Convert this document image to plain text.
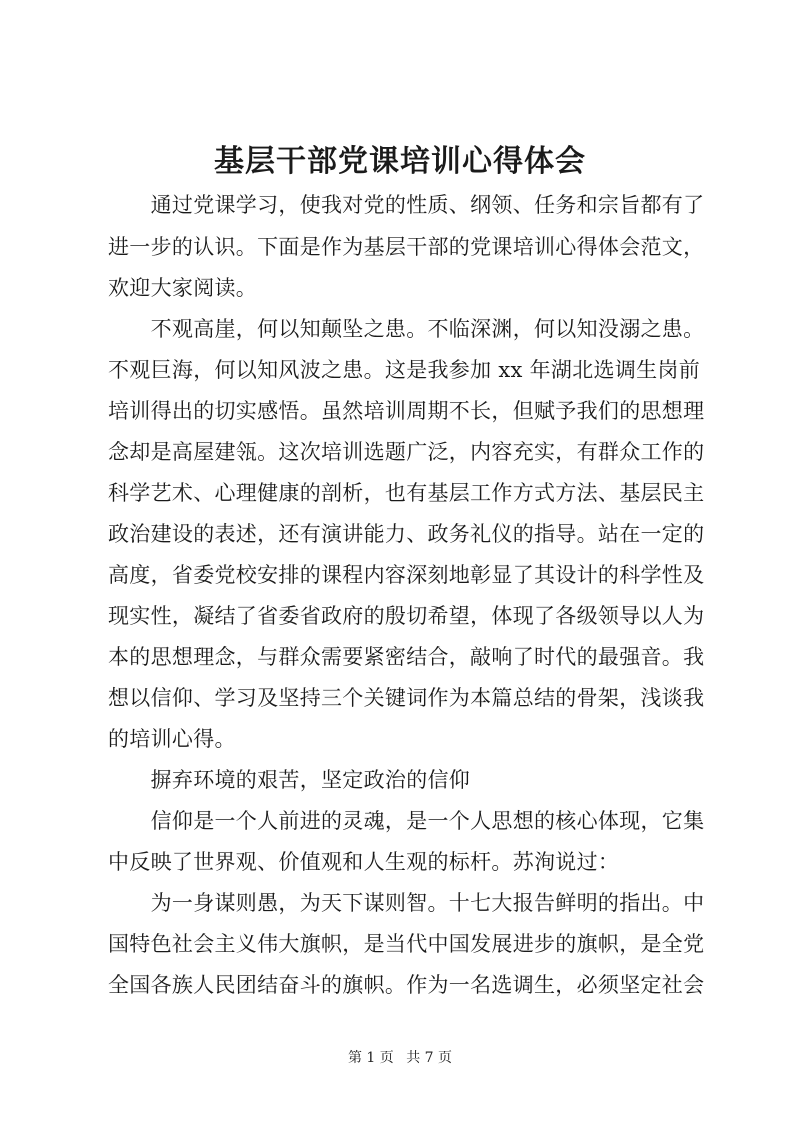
基层干部党课培训心得体会

　　通过党课学习，使我对党的性质、纲领、任务和宗旨都有了

进一步的认识。下面是作为基层干部的党课培训心得体会范文，

欢迎大家阅读。

　　不观高崖，何以知颠坠之患。不临深渊，何以知没溺之患。

不观巨海，何以知风波之患。这是我参加 xx 年湖北选调生岗前

培训得出的切实感悟。虽然培训周期不长，但赋予我们的思想理

念却是高屋建瓴。这次培训选题广泛，内容充实，有群众工作的

科学艺术、心理健康的剖析，也有基层工作方式方法、基层民主

政治建设的表述，还有演讲能力、政务礼仪的指导。站在一定的

高度，省委党校安排的课程内容深刻地彰显了其设计的科学性及

现实性，凝结了省委省政府的殷切希望，体现了各级领导以人为

本的思想理念，与群众需要紧密结合，敲响了时代的最强音。我

想以信仰、学习及坚持三个关键词作为本篇总结的骨架，浅谈我

的培训心得。

　　摒弃环境的艰苦，坚定政治的信仰

　　信仰是一个人前进的灵魂，是一个人思想的核心体现，它集

中反映了世界观、价值观和人生观的标杆。苏洵说过：

　　为一身谋则愚，为天下谋则智。十七大报告鲜明的指出。中

国特色社会主义伟大旗帜，是当代中国发展进步的旗帜，是全党

全国各族人民团结奋斗的旗帜。作为一名选调生，必须坚定社会

第 1 页 共 7 页
